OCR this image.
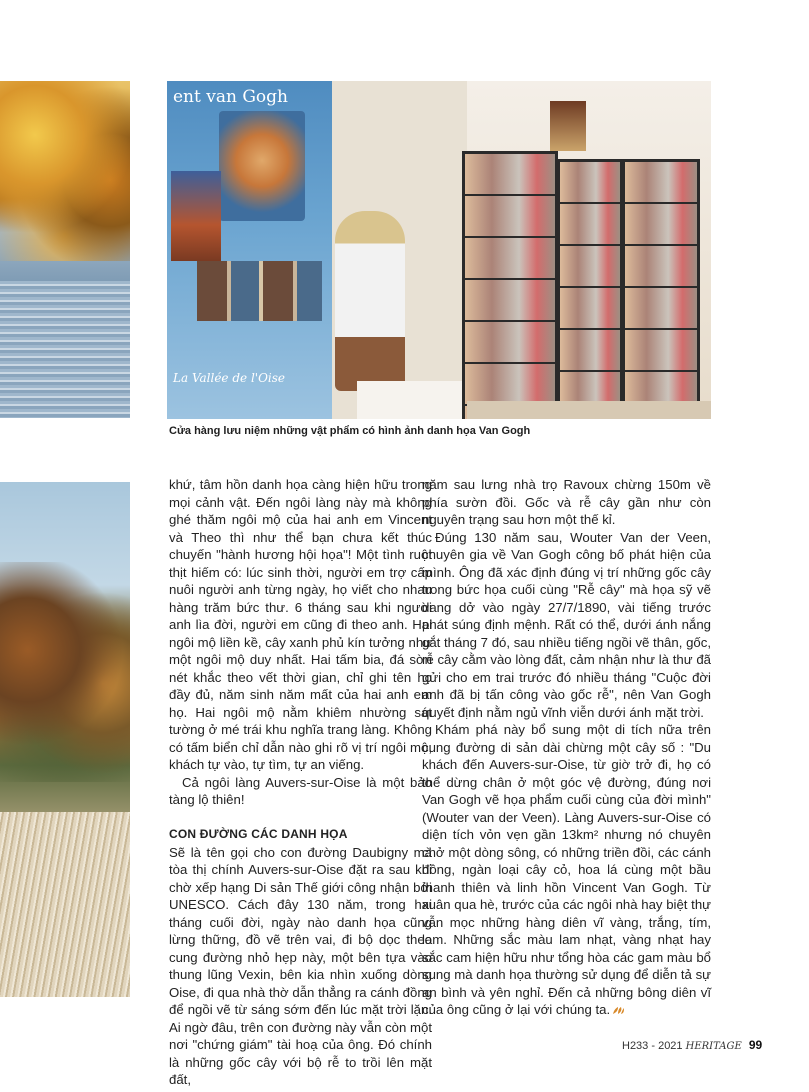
ent van Gogh
La Vallée de l'Oise
Cửa hàng lưu niệm những vật phẩm có hình ảnh danh họa Van Gogh

khứ, tâm hồn danh họa càng hiện hữu trong mọi cảnh vật. Đến ngôi làng này mà không ghé thăm ngôi mộ của hai anh em Vincent và Theo thì như thể bạn chưa kết thúc chuyến "hành hương hội họa"! Một tình ruột thịt hiếm có: lúc sinh thời, người em trợ cấp nuôi người anh từng ngày, họ viết cho nhau hàng trăm bức thư. 6 tháng sau khi người anh lìa đời, người em cũng đi theo anh. Hai ngôi mộ liền kề, cây xanh phủ kín tưởng như một ngôi mộ duy nhất. Hai tấm bia, đá sờn nét khắc theo vết thời gian, chỉ ghi tên họ đầy đủ, năm sinh năm mất của hai anh em họ. Hai ngôi mộ nằm khiêm nhường sát tường ở mé trái khu nghĩa trang làng. Không có tấm biển chỉ dẫn nào ghi rõ vị trí ngôi mộ, khách tự vào, tự tìm, tự an viếng.

Cả ngôi làng Auvers-sur-Oise là một bảo tàng lộ thiên!

CON ĐƯỜNG CÁC DANH HỌA

Sẽ là tên gọi cho con đường Daubigny mà tòa thị chính Auvers-sur-Oise đặt ra sau khi chờ xếp hạng Di sản Thế giới công nhận bởi UNESCO. Cách đây 130 năm, trong hai tháng cuối đời, ngày nào danh họa cũng lừng thững, đồ vẽ trên vai, đi bộ dọc theo cung đường nhỏ hẹp này, một bên tựa vào thung lũng Vexin, bên kia nhìn xuống dòng Oise, đi qua nhà thờ dẫn thẳng ra cánh đồng để ngồi vẽ từ sáng sớm đến lúc mặt trời lặn. Ai ngờ đâu, trên con đường này vẫn còn một nơi "chứng giám" tài hoạ của ông. Đó chính là những gốc cây với bộ rễ to trồi lên mặt đất,

năm sau lưng nhà trọ Ravoux chừng 150m về phía sườn đồi. Gốc và rễ cây gần như còn nguyên trạng sau hơn một thế kỉ.

Đúng 130 năm sau, Wouter Van der Veen, chuyên gia về Van Gogh công bố phát hiện của mình. Ông đã xác định đúng vị trí những gốc cây trong bức họa cuối cùng "Rễ cây" mà họa sỹ vẽ dang dở vào ngày 27/7/1890, vài tiếng trước phát súng định mệnh. Rất có thể, dưới ánh nắng gắt tháng 7 đó, sau nhiều tiếng ngồi vẽ thân, gốc, rễ cây cằm vào lòng đất, cảm nhận như là thư đã gửi cho em trai trước đó nhiều tháng "Cuộc đời anh đã bị tấn công vào gốc rễ", nên Van Gogh quyết định nằm ngủ vĩnh viễn dưới ánh mặt trời.

Khám phá này bổ sung một di tích nữa trên cung đường di sản dài chừng một cây số : "Du khách đến Auvers-sur-Oise, từ giờ trở đi, họ có thể dừng chân ở một góc vệ đường, đúng nơi Van Gogh vẽ họa phẩm cuối cùng của đời mình" (Wouter van der Veen). Làng Auvers-sur-Oise có diện tích vỏn vẹn gần 13km² nhưng nó chuyên chở một dòng sông, có những triền đồi, các cánh đồng, ngàn loại cây cỏ, hoa lá cùng một bầu thanh thiên và linh hồn Vincent Van Gogh. Từ xuân qua hè, trước của các ngôi nhà hay biệt thự vẫn mọc những hàng diên vĩ vàng, trắng, tím, lam. Những sắc màu lam nhạt, vàng nhạt hay sắc cam hiện hữu như tổng hòa các gam màu bổ sung mà danh họa thường sử dụng để diễn tả sự an bình và yên nghỉ. Đến cả những bông diên vĩ của ông cũng ở lại với chúng ta.

H233 - 2021 HERITAGE 99
